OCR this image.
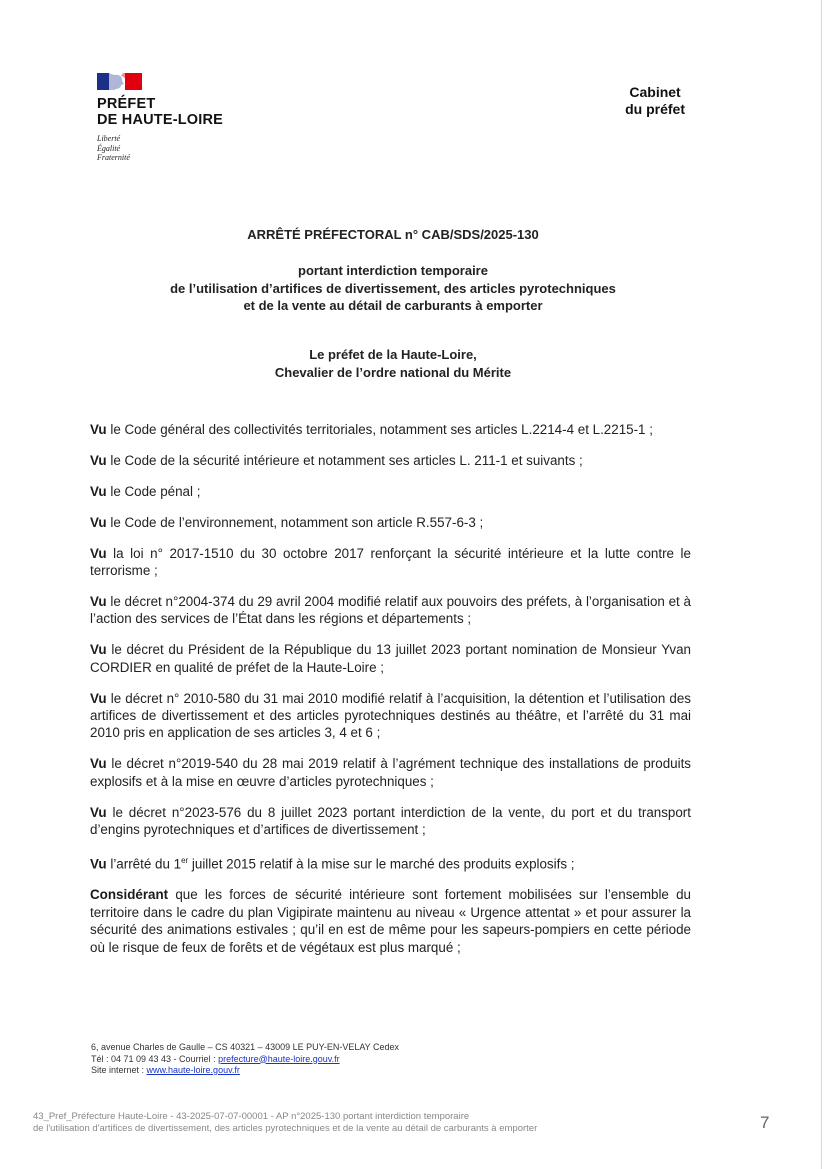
PRÉFET
DE HAUTE-LOIRE
Liberté
Égalité
Fraternité
Cabinet
du préfet
ARRÊTÉ PRÉFECTORAL n° CAB/SDS/2025-130
portant interdiction temporaire
de l’utilisation d’artifices de divertissement, des articles pyrotechniques
et de la vente au détail de carburants à emporter
Le préfet de la Haute-Loire,
Chevalier de l’ordre national du Mérite

Vu le Code général des collectivités territoriales, notamment ses articles L.2214-4 et L.2215-1 ;

Vu le Code de la sécurité intérieure et notamment ses articles L. 211-1 et suivants ;

Vu le Code pénal ;

Vu le Code de l’environnement, notamment son article R.557-6-3 ;

Vu la loi n° 2017-1510 du 30 octobre 2017 renforçant la sécurité intérieure et la lutte contre le terrorisme ;

Vu le décret n°2004-374 du 29 avril 2004 modifié relatif aux pouvoirs des préfets, à l’organisation et à l’action des services de l’État dans les régions et départements ;

Vu le décret du Président de la République du 13 juillet 2023 portant nomination de Monsieur Yvan CORDIER en qualité de préfet de la Haute-Loire ;

Vu le décret n° 2010-580 du 31 mai 2010 modifié relatif à l’acquisition, la détention et l’utilisation des artifices de divertissement et des articles pyrotechniques destinés au théâtre, et l’arrêté du 31 mai 2010 pris en application de ses articles 3, 4 et 6 ;

Vu le décret n°2019-540 du 28 mai 2019 relatif à l’agrément technique des installations de produits explosifs et à la mise en œuvre d’articles pyrotechniques ;

Vu le décret n°2023-576 du 8 juillet 2023 portant interdiction de la vente, du port et du transport d’engins pyrotechniques et d’artifices de divertissement ;

Vu l’arrêté du 1er juillet 2015 relatif à la mise sur le marché des produits explosifs ;

Considérant que les forces de sécurité intérieure sont fortement mobilisées sur l’ensemble du territoire dans le cadre du plan Vigipirate maintenu au niveau « Urgence attentat » et pour assurer la sécurité des animations estivales ; qu’il en est de même pour les sapeurs-pompiers en cette période où le risque de feux de forêts et de végétaux est plus marqué ;

6, avenue Charles de Gaulle – CS 40321 – 43009 LE PUY-EN-VELAY Cedex
Tél : 04 71 09 43 43 - Courriel : prefecture@haute-loire.gouv.fr
Site internet : www.haute-loire.gouv.fr
43_Pref_Préfecture Haute-Loire - 43-2025-07-07-00001 - AP n°2025-130 portant interdiction temporaire
de l'utilisation d'artifices de divertissement, des articles pyrotechniques et de la vente au détail de carburants à emporter	7
